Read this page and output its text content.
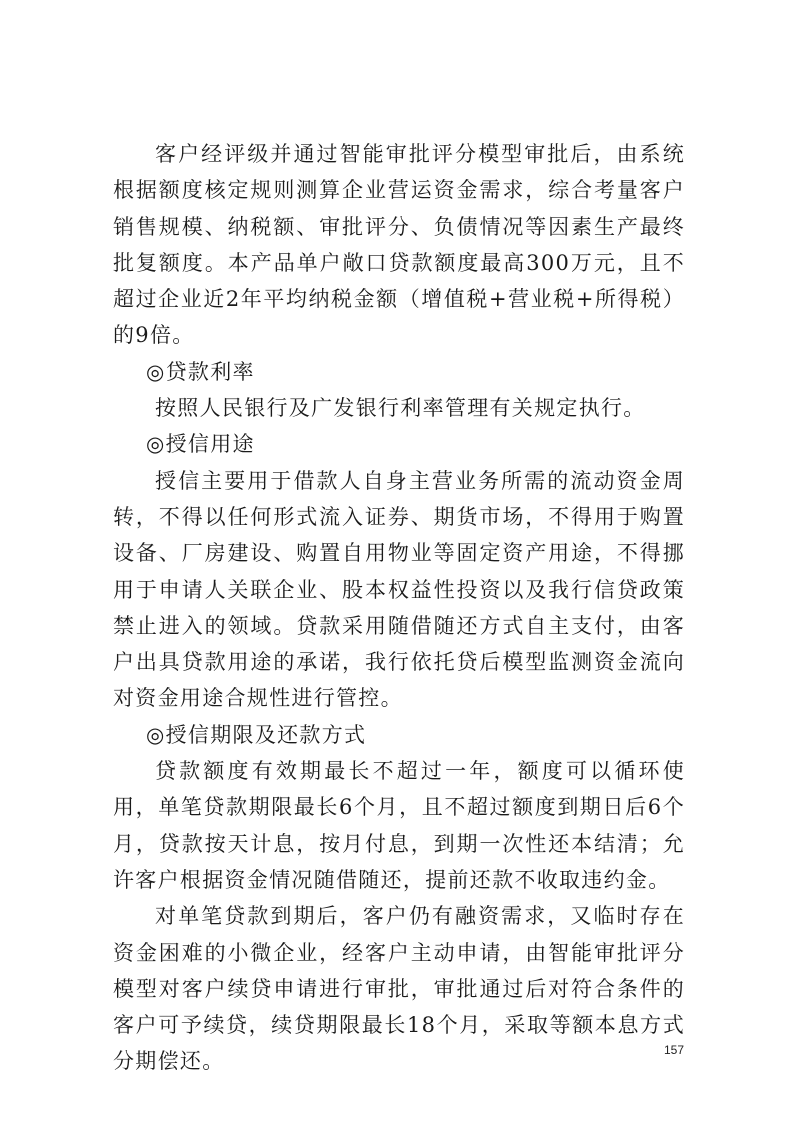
客户经评级并通过智能审批评分模型审批后，由系统根据额度核定规则测算企业营运资金需求，综合考量客户销售规模、纳税额、审批评分、负债情况等因素生产最终批复额度。本产品单户敞口贷款额度最高300万元，且不超过企业近2年平均纳税金额（增值税+营业税+所得税）的9倍。

◎贷款利率

按照人民银行及广发银行利率管理有关规定执行。

◎授信用途

授信主要用于借款人自身主营业务所需的流动资金周转，不得以任何形式流入证券、期货市场，不得用于购置设备、厂房建设、购置自用物业等固定资产用途，不得挪用于申请人关联企业、股本权益性投资以及我行信贷政策禁止进入的领域。贷款采用随借随还方式自主支付，由客户出具贷款用途的承诺，我行依托贷后模型监测资金流向对资金用途合规性进行管控。

◎授信期限及还款方式

贷款额度有效期最长不超过一年，额度可以循环使用，单笔贷款期限最长6个月，且不超过额度到期日后6个月，贷款按天计息，按月付息，到期一次性还本结清；允许客户根据资金情况随借随还，提前还款不收取违约金。

对单笔贷款到期后，客户仍有融资需求，又临时存在资金困难的小微企业，经客户主动申请，由智能审批评分模型对客户续贷申请进行审批，审批通过后对符合条件的客户可予续贷，续贷期限最长18个月，采取等额本息方式分期偿还。	157
